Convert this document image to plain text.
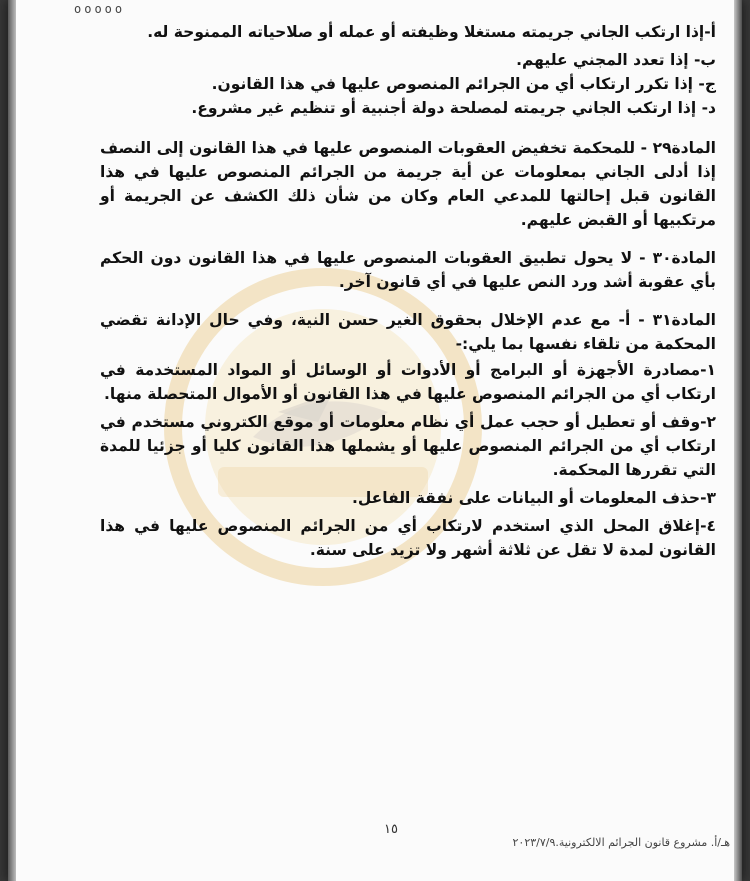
ooooo

أ-إذا ارتكب الجاني جريمته مستغلا وظيفته أو عمله أو صلاحياته الممنوحة له.

ب- إذا تعدد المجني عليهم.

ج- إذا تكرر ارتكاب أي من الجرائم المنصوص عليها في هذا القانون.

د- إذا ارتكب الجاني جريمته لمصلحة دولة أجنبية أو تنظيم غير مشروع.

المادة٢٩ - للمحكمة تخفيض العقوبات المنصوص عليها في هذا القانون إلى النصف إذا أدلى الجاني بمعلومات عن أية جريمة من الجرائم المنصوص عليها في هذا القانون قبل إحالتها للمدعي العام وكان من شأن ذلك الكشف عن الجريمة أو مرتكبيها أو القبض عليهم.

المادة٣٠ - لا يحول تطبيق العقوبات المنصوص عليها في هذا القانون دون الحكم بأي عقوبة أشد ورد النص عليها في أي قانون آخر.

المادة٣١ - أ- مع عدم الإخلال بحقوق الغير حسن النية، وفي حال الإدانة تقضي المحكمة من تلقاء نفسها بما يلي:-

١-مصادرة الأجهزة أو البرامج أو الأدوات أو الوسائل أو المواد المستخدمة في ارتكاب أي من الجرائم المنصوص عليها في هذا القانون أو الأموال المتحصلة منها.

٢-وقف أو تعطيل أو حجب عمل أي نظام معلومات أو موقع الكتروني مستخدم في ارتكاب أي من الجرائم المنصوص عليها أو يشملها هذا القانون كليا أو جزئيا للمدة التي تقررها المحكمة.

٣-حذف المعلومات أو البيانات على نفقة الفاعل.

٤-إغلاق المحل الذي استخدم لارتكاب أي من الجرائم المنصوص عليها في هذا القانون لمدة لا تقل عن ثلاثة أشهر ولا تزيد على سنة.

١٥
هـ/أ. مشروع قانون الجرائم الالكترونية.٢٠٢٣/٧/٩
